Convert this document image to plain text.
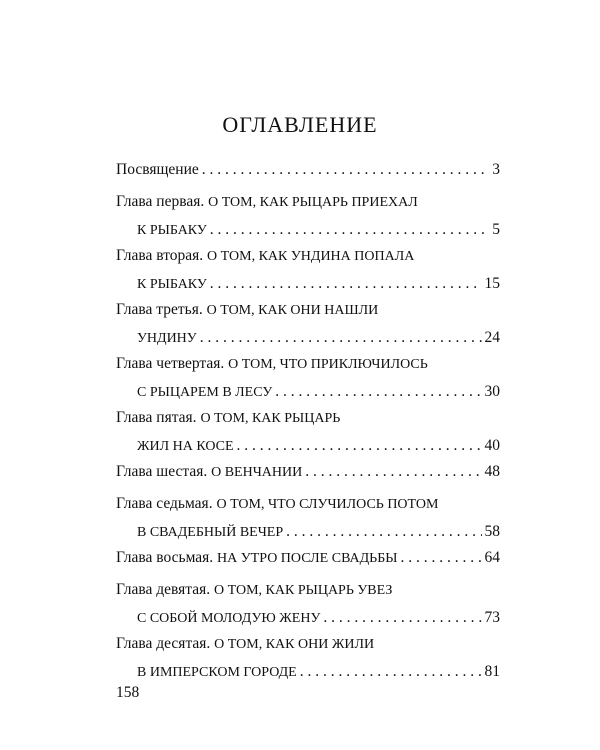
ОГЛАВЛЕНИЕ
Посвящение . . .	3
Глава первая.
О ТОМ, КАК РЫЦАРЬ ПРИЕХАЛ
К РЫБАКУ . . .	5
Глава вторая.
О ТОМ, КАК УНДИНА ПОПАЛА
К РЫБАКУ . . .	15
Глава третья.
О ТОМ, КАК ОНИ НАШЛИ
УНДИНУ . . .	24
Глава четвертая.
О ТОМ, ЧТО ПРИКЛЮЧИЛОСЬ
С РЫЦАРЕМ В ЛЕСУ . . .	30
Глава пятая.
О ТОМ, КАК РЫЦАРЬ
ЖИЛ НА КОСЕ . . .	40
Глава шестая.
О ВЕНЧАНИИ . . .	48
Глава седьмая.
О ТОМ, ЧТО СЛУЧИЛОСЬ ПОТОМ
В СВАДЕБНЫЙ ВЕЧЕР . . .	58
Глава восьмая.
НА УТРО ПОСЛЕ СВАДЬБЫ . . .	64
Глава девятая.
О ТОМ, КАК РЫЦАРЬ УВЕЗ
С СОБОЙ МОЛОДУЮ ЖЕНУ . . .	73
Глава десятая.
О ТОМ, КАК ОНИ ЖИЛИ
В ИМПЕРСКОМ ГОРОДЕ . . .	81
158
